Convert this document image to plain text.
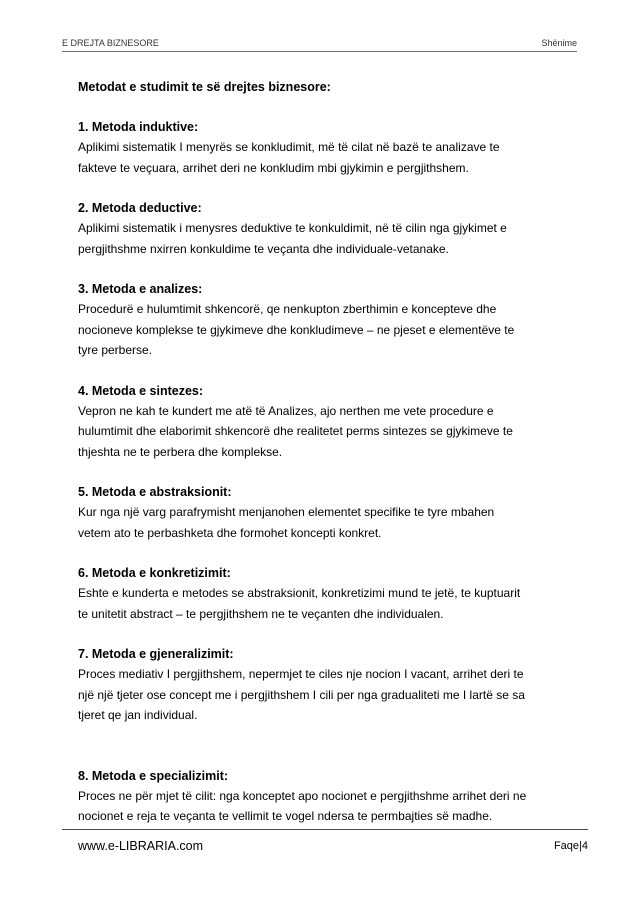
E DREJTA BIZNESORE	Shënime

Metodat e studimit te së drejtes biznesore:

1. Metoda induktive:

Aplikimi sistematik I menyrës se konkludimit, më të cilat në bazë te analizave te
fakteve te veçuara, arrihet deri ne konkludim mbi gjykimin e pergjithshem.

2. Metoda deductive:

Aplikimi sistematik i menysres deduktive te konkuldimit, në të cilin nga gjykimet e
pergjithshme nxirren konkuldime te veçanta dhe individuale-vetanake.

3. Metoda e analizes:

Procedurë e hulumtimit shkencorë, qe nenkupton zberthimin e koncepteve dhe
nocioneve komplekse te gjykimeve dhe konkludimeve – ne pjeset e elementëve te
tyre perberse.

4. Metoda e sintezes:

Vepron ne kah te kundert me atë të Analizes, ajo nerthen me vete procedure e
hulumtimit dhe elaborimit shkencorë dhe realitetet perms sintezes se gjykimeve te
thjeshta ne te perbera dhe komplekse.

5. Metoda e abstraksionit:

Kur nga një varg parafrymisht menjanohen elementet specifike te tyre mbahen
vetem ato te perbashketa dhe formohet koncepti konkret.

6. Metoda e konkretizimit:

Eshte e kunderta e metodes se abstraksionit, konkretizimi mund te jetë, te kuptuarit
te unitetit abstract – te pergjithshem ne te veçanten dhe individualen.

7. Metoda e gjeneralizimit:

Proces mediativ I pergjithshem, nepermjet te ciles nje nocion I vacant, arrihet deri te
një një tjeter ose concept me i pergjithshem I cili per nga gradualiteti me I lartë se sa
tjeret qe jan individual.

8. Metoda e specializimit:

Proces ne për mjet të cilit: nga konceptet apo nocionet e pergjithshme arrihet deri ne
nocionet e reja te veçanta te vellimit te vogel ndersa te permbajties së madhe.

www.e-LIBRARIA.com	Faqe|4
